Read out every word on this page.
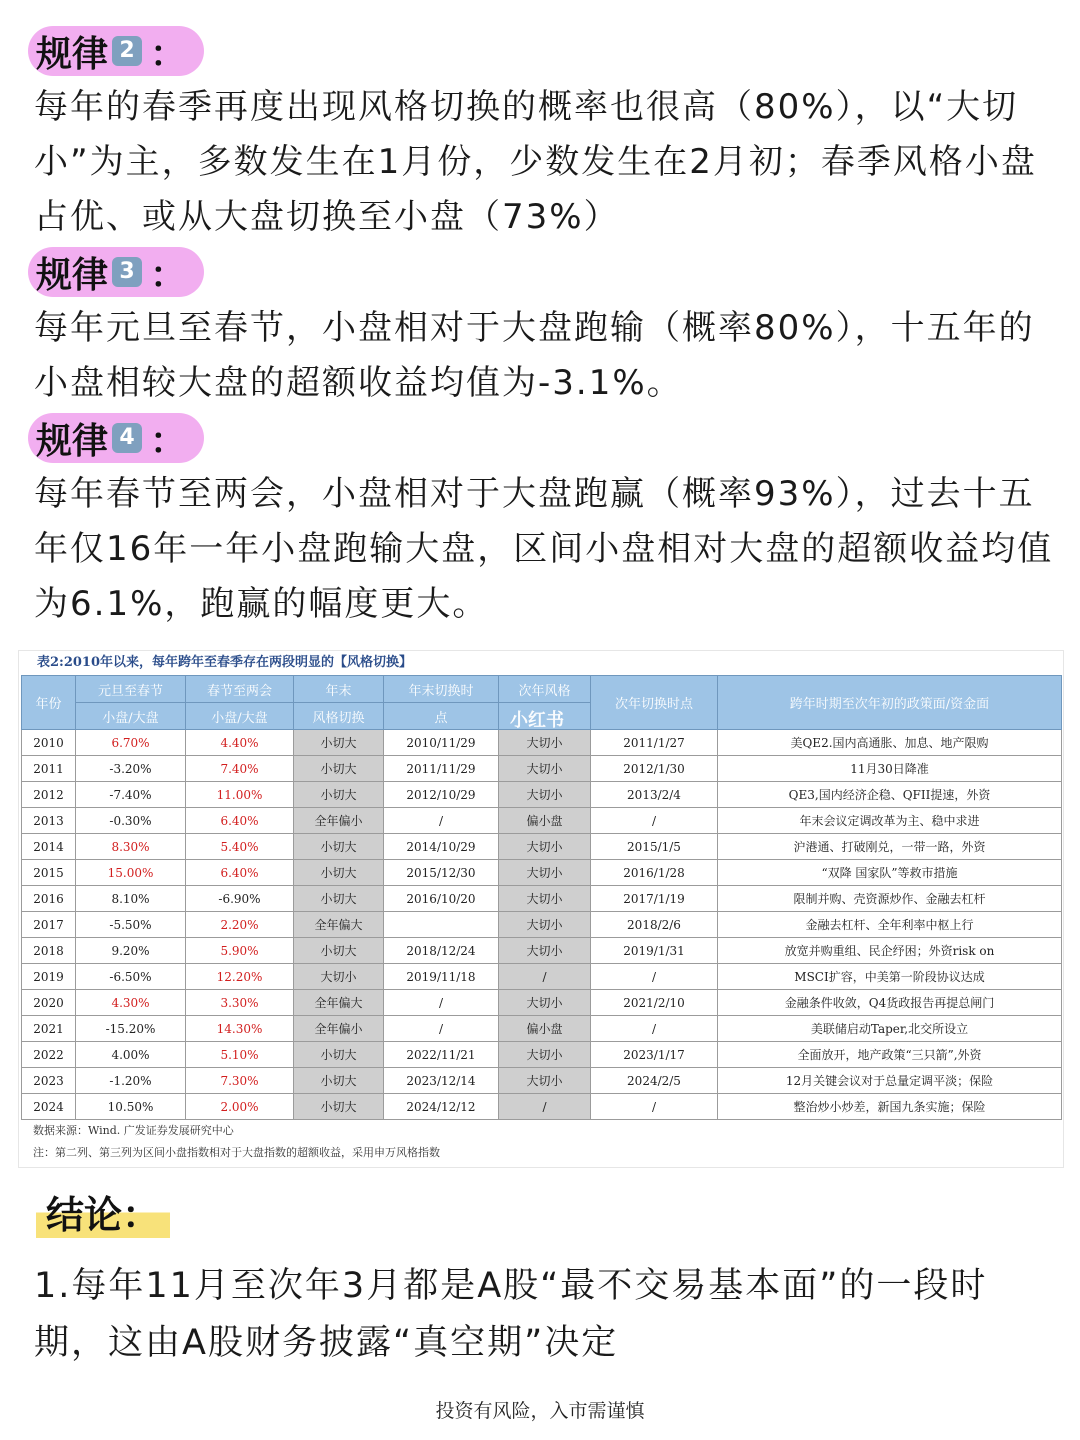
规律 2 ：
每年的春季再度出现风格切换的概率也很高（80%），以“大切小”为主，多数发生在1月份，少数发生在2月初；春季风格小盘占优、或从大盘切换至小盘（73%）
规律 3 ：
每年元旦至春节，小盘相对于大盘跑输（概率80%），十五年的小盘相较大盘的超额收益均值为-3.1%。
规律 4 ：
每年春节至两会，小盘相对于大盘跑赢（概率93%），过去十五年仅16年一年小盘跑输大盘，区间小盘相对大盘的超额收益均值为6.1%，跑赢的幅度更大。
表2:2010年以来，每年跨年至春季存在两段明显的【风格切换】
年份	元旦至春节	春节至两会	年末	年末切换时	次年风格	次年切换时点	跨年时期至次年初的政策面/资金面
	小盘/大盘	小盘/大盘	风格切换	点			
2010	6.70%	4.40%	小切大	2010/11/29	大切小	2011/1/27	美QE2.国内高通胀、加息、地产限购
2011	-3.20%	7.40%	小切大	2011/11/29	大切小	2012/1/30	11月30日降准
2012	-7.40%	11.00%	小切大	2012/10/29	大切小	2013/2/4	QE3,国内经济企稳、QFII提速，外资
2013	-0.30%	6.40%	全年偏小	/	偏小盘	/	年末会议定调改革为主、稳中求进
2014	8.30%	5.40%	小切大	2014/10/29	大切小	2015/1/5	沪港通、打破刚兑，一带一路，外资
2015	15.00%	6.40%	小切大	2015/12/30	大切小	2016/1/28	“双降 国家队”等救市措施
2016	8.10%	-6.90%	小切大	2016/10/20	大切小	2017/1/19	限制并购、壳资源炒作、金融去杠杆
2017	-5.50%	2.20%	全年偏大		大切小	2018/2/6	金融去杠杆、全年利率中枢上行
2018	9.20%	5.90%	小切大	2018/12/24	大切小	2019/1/31	放宽并购重组、民企纾困；外资risk on
2019	-6.50%	12.20%	大切小	2019/11/18	/	/	MSCI扩容，中美第一阶段协议达成
2020	4.30%	3.30%	全年偏大	/	大切小	2021/2/10	金融条件收敛，Q4货政报告再提总闸门
2021	-15.20%	14.30%	全年偏小	/	偏小盘	/	美联储启动Taper,北交所设立
2022	4.00%	5.10%	小切大	2022/11/21	大切小	2023/1/17	全面放开，地产政策“三只箭”,外资
2023	-1.20%	7.30%	小切大	2023/12/14	大切小	2024/2/5	12月关键会议对于总量定调平淡；保险
2024	10.50%	2.00%	小切大	2024/12/12	/	/	整治炒小炒差，新国九条实施；保险
数据来源：Wind. 广发证券发展研究中心
注：第二列、第三列为区间小盘指数相对于大盘指数的超额收益，采用申万风格指数
小红书
结论：
1.每年11月至次年3月都是A股“最不交易基本面”的一段时期，这由A股财务披露“真空期”决定
投资有风险，入市需谨慎
